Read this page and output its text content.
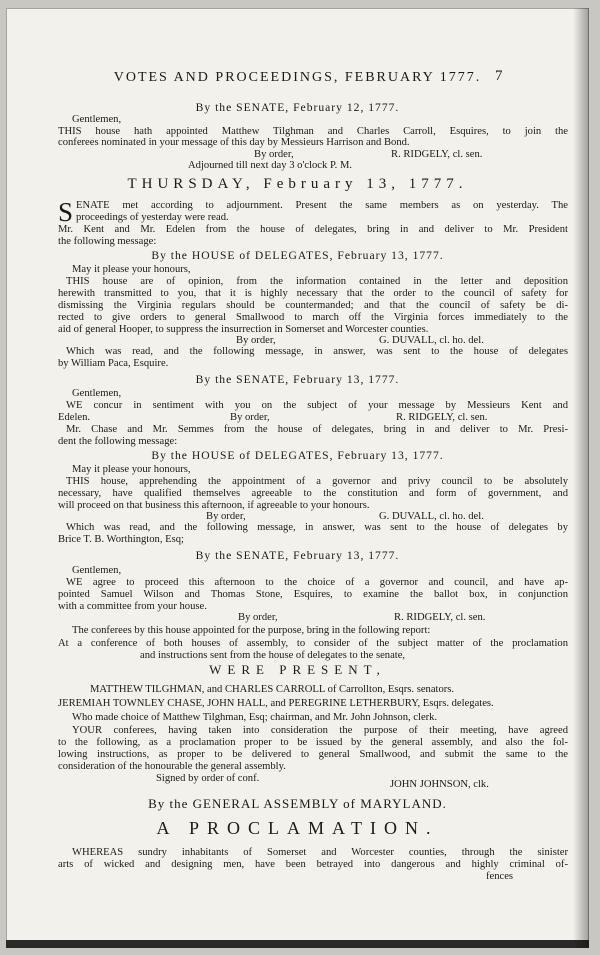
VOTES AND PROCEEDINGS, FEBRUARY 1777. 7
By the SENATE, February 12, 1777.
Gentlemen,
THIS house hath appointed Matthew Tilghman and Charles Carroll, Esquires, to join the
conferees nominated in your message of this day by Messieurs Harrison and Bond.
By order,	R. RIDGELY, cl. sen.
Adjourned till next day 3 o'clock P. M.
THURSDAY, February 13, 1777.
S ENATE met according to adjournment. Present the same members as on yesterday. The
proceedings of yesterday were read.
Mr. Kent and Mr. Edelen from the house of delegates, bring in and deliver to Mr. President
the following message:
By the HOUSE of DELEGATES, February 13, 1777.
May it please your honours,
THIS house are of opinion, from the information contained in the letter and deposition
herewith transmitted to you, that it is highly necessary that the order to the council of safety for
dismissing the Virginia regulars should be countermanded; and that the council of safety be di-
rected to give orders to general Smallwood to march off the Virginia forces immediately to the
aid of general Hooper, to suppress the insurrection in Somerset and Worcester counties.
By order,	G. DUVALL, cl. ho. del.
Which was read, and the following message, in answer, was sent to the house of delegates
by William Paca, Esquire.
By the SENATE, February 13, 1777.
Gentlemen,
WE concur in sentiment with you on the subject of your message by Messieurs Kent and
Edelen.	By order,	R. RIDGELY, cl. sen.
Mr. Chase and Mr. Semmes from the house of delegates, bring in and deliver to Mr. Presi-
dent the following message:
By the HOUSE of DELEGATES, February 13, 1777.
May it please your honours,
THIS house, apprehending the appointment of a governor and privy council to be absolutely
necessary, have qualified themselves agreeable to the constitution and form of government, and
will proceed on that business this afternoon, if agreeable to your honours.
By order,	G. DUVALL, cl. ho. del.
Which was read, and the following message, in answer, was sent to the house of delegates by
Brice T. B. Worthington, Esq;
By the SENATE, February 13, 1777.
Gentlemen,
WE agree to proceed this afternoon to the choice of a governor and council, and have ap-
pointed Samuel Wilson and Thomas Stone, Esquires, to examine the ballot box, in conjunction
with a committee from your house.
By order,	R. RIDGELY, cl. sen.
The conferees by this house appointed for the purpose, bring in the following report:
At a conference of both houses of assembly, to consider of the subject matter of the proclamation
and instructions sent from the house of delegates to the senate,
WERE PRESENT,
MATTHEW TILGHMAN, and CHARLES CARROLL of Carrollton, Esqrs. senators.
JEREMIAH TOWNLEY CHASE, JOHN HALL, and PEREGRINE LETHERBURY, Esqrs. delegates.
Who made choice of Matthew Tilghman, Esq; chairman, and Mr. John Johnson, clerk.
YOUR conferees, having taken into consideration the purpose of their meeting, have agreed
to the following, as a proclamation proper to be issued by the general assembly, and also the fol-
lowing instructions, as proper to be delivered to general Smallwood, and submit the same to the
consideration of the honourable the general assembly.
Signed by order of conf.
JOHN JOHNSON, clk.
By the GENERAL ASSEMBLY of MARYLAND.
A PROCLAMATION.
WHEREAS sundry inhabitants of Somerset and Worcester counties, through the sinister
arts of wicked and designing men, have been betrayed into dangerous and highly criminal of-
fences
